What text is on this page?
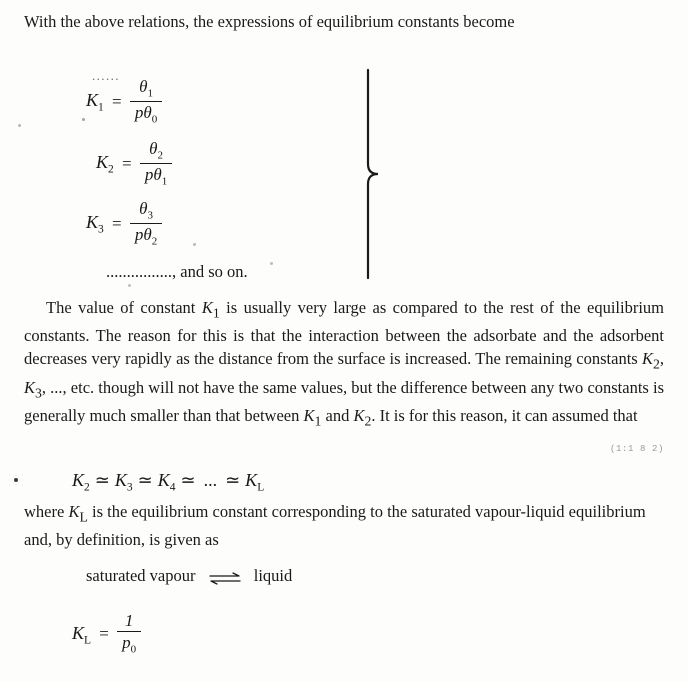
With the above relations, the expressions of equilibrium constants become
......
$K_1 = \frac{\theta_1}{p\theta_0}$
$K_2 = \frac{\theta_2}{p\theta_1}$
$K_3 = \frac{\theta_3}{p\theta_2}$
................, and so on.
The value of constant $K_1$ is usually very large as compared to the rest of the equilibrium constants. The reason for this is that the interaction between the adsorbate and the adsorbent decreases very rapidly as the distance from the surface is increased. The remaining constants $K_2$, $K_3$, ..., etc. though will not have the same values, but the difference between any two constants is generally much smaller than that between $K_1$ and $K_2$. It is for this reason, it can assumed that
(1:1 8 2)
$K_2$ ≃ $K_3$ ≃ $K_4$ ≃ ... ≃ $K_L$
where $K_L$ is the equilibrium constant corresponding to the saturated vapour-liquid equilibrium and, by definition, is given as
saturated vapour	liquid
$K_L = \frac{1}{p_0}$
